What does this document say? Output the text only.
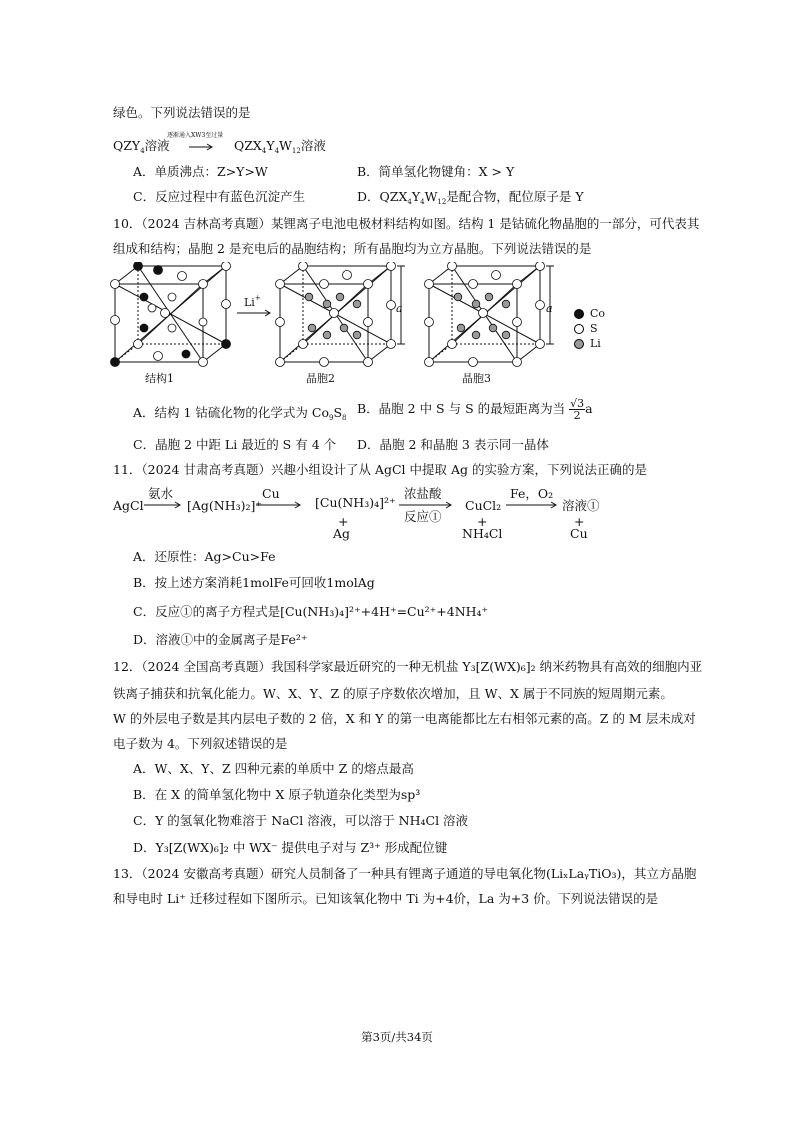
绿色。下列说法错误的是
$QZY_4$溶液
逐渐通入XW3至过量
$QZX_4Y_4W_{12}$溶液
A．单质沸点：Z>Y>W	B．简单氢化物键角：X > Y
C．反应过程中有蓝色沉淀产生	D．$QZX_4Y_4W_{12}$是配合物，配位原子是 Y
10．（2024 吉林高考真题）某锂离子电池电极材料结构如图。结构 1 是钴硫化物晶胞的一部分，可代表其
组成和结构；晶胞 2 是充电后的晶胞结构；所有晶胞均为立方晶胞。下列说法错误的是
结构1
Li+
a
晶胞2
a
晶胞3
Co
S
Li
A．结构 1 钴硫化物的化学式为 $Co_9S_8$
B．晶胞 2 中 S 与 S 的最短距离为当 $\frac{√3}{2}$ a
C．晶胞 2 中距 Li 最近的 S 有 4 个 D．晶胞 2 和晶胞 3 表示同一晶体
11．（2024 甘肃高考真题）兴趣小组设计了从 AgCl 中提取 Ag 的实验方案，下列说法正确的是
AgCl
氨水
[Ag(NH₃)₂]⁺
Cu
[Cu(NH₃)₄]²⁺
+
Ag
浓盐酸
反应①
CuCl₂
+
NH₄Cl
Fe，O₂
溶液①
+
Cu
A．还原性：Ag>Cu>Fe
B．按上述方案消耗1molFe可回收1molAg
C．反应①的离子方程式是[Cu(NH₃)₄]²⁺+4H⁺=Cu²⁺+4NH₄⁺
D．溶液①中的金属离子是Fe²⁺
12．（2024 全国高考真题）我国科学家最近研究的一种无机盐 Y₃[Z(WX)₆]₂ 纳米药物具有高效的细胞内亚
铁离子捕获和抗氧化能力。W、X、Y、Z 的原子序数依次增加，且 W、X 属于不同族的短周期元素。
W 的外层电子数是其内层电子数的 2 倍，X 和 Y 的第一电离能都比左右相邻元素的高。Z 的 M 层未成对
电子数为 4。下列叙述错误的是
A．W、X、Y、Z 四种元素的单质中 Z 的熔点最高
B．在 X 的简单氢化物中 X 原子轨道杂化类型为sp³
C．Y 的氢氧化物难溶于 NaCl 溶液，可以溶于 NH₄Cl 溶液
D．Y₃[Z(WX)₆]₂ 中 WX⁻ 提供电子对与 Z³⁺ 形成配位键
13．（2024 安徽高考真题）研究人员制备了一种具有锂离子通道的导电氧化物(LiₓLaᵧTiO₃)，其立方晶胞
和导电时 Li⁺ 迁移过程如下图所示。已知该氧化物中 Ti 为+4价，La 为+3 价。下列说法错误的是
第3页/共34页
